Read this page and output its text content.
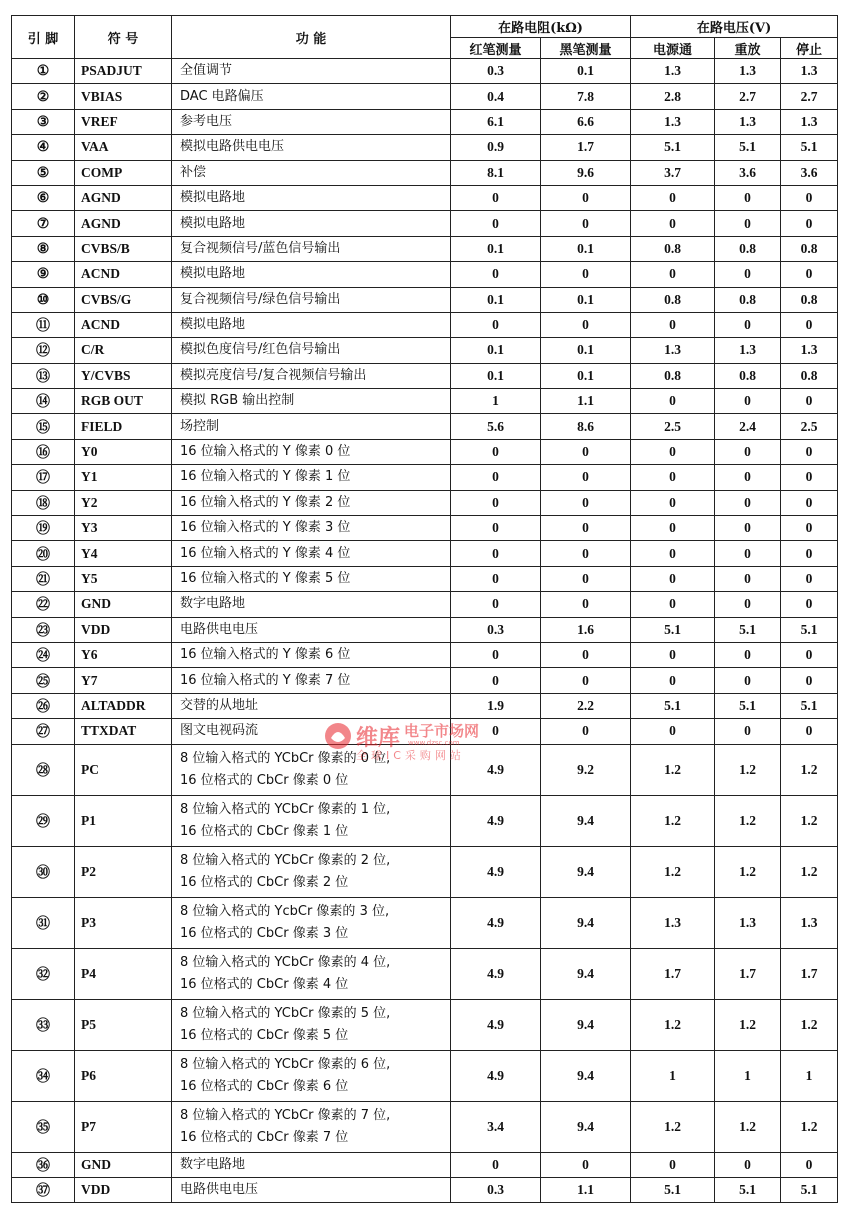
引 脚	符 号	功 能	在路电阻(kΩ)		在路电压(V)		
			红笔测量	黑笔测量	电源通	重放	停止
①	PSADJUT	全值调节	0.3	0.1	1.3	1.3	1.3
②	VBIAS	DAC 电路偏压	0.4	7.8	2.8	2.7	2.7
③	VREF	参考电压	6.1	6.6	1.3	1.3	1.3
④	VAA	模拟电路供电电压	0.9	1.7	5.1	5.1	5.1
⑤	COMP	补偿	8.1	9.6	3.7	3.6	3.6
⑥	AGND	模拟电路地	0	0	0	0	0
⑦	AGND	模拟电路地	0	0	0	0	0
⑧	CVBS/B	复合视频信号/蓝色信号输出	0.1	0.1	0.8	0.8	0.8
⑨	ACND	模拟电路地	0	0	0	0	0
⑩	CVBS/G	复合视频信号/绿色信号输出	0.1	0.1	0.8	0.8	0.8
⑪	ACND	模拟电路地	0	0	0	0	0
⑫	C/R	模拟色度信号/红色信号输出	0.1	0.1	1.3	1.3	1.3
⑬	Y/CVBS	模拟亮度信号/复合视频信号输出	0.1	0.1	0.8	0.8	0.8
⑭	RGB OUT	模拟 RGB 输出控制	1	1.1	0	0	0
⑮	FIELD	场控制	5.6	8.6	2.5	2.4	2.5
⑯	Y0	16 位输入格式的 Y 像素 0 位	0	0	0	0	0
⑰	Y1	16 位输入格式的 Y 像素 1 位	0	0	0	0	0
⑱	Y2	16 位输入格式的 Y 像素 2 位	0	0	0	0	0
⑲	Y3	16 位输入格式的 Y 像素 3 位	0	0	0	0	0
⑳	Y4	16 位输入格式的 Y 像素 4 位	0	0	0	0	0
㉑	Y5	16 位输入格式的 Y 像素 5 位	0	0	0	0	0
㉒	GND	数字电路地	0	0	0	0	0
㉓	VDD	电路供电电压	0.3	1.6	5.1	5.1	5.1
㉔	Y6	16 位输入格式的 Y 像素 6 位	0	0	0	0	0
㉕	Y7	16 位输入格式的 Y 像素 7 位	0	0	0	0	0
㉖	ALTADDR	交替的从地址	1.9	2.2	5.1	5.1	5.1
㉗	TTXDAT	图文电视码流	0	0	0	0	0
㉘	PC	8 位输入格式的 YCbCr 像素的 0 位,
16 位格式的 CbCr 像素 0 位	4.9	9.2	1.2	1.2	1.2
㉙	P1	8 位输入格式的 YCbCr 像素的 1 位,
16 位格式的 CbCr 像素 1 位	4.9	9.4	1.2	1.2	1.2
㉚	P2	8 位输入格式的 YCbCr 像素的 2 位,
16 位格式的 CbCr 像素 2 位	4.9	9.4	1.2	1.2	1.2
㉛	P3	8 位输入格式的 YcbCr 像素的 3 位,
16 位格式的 CbCr 像素 3 位	4.9	9.4	1.3	1.3	1.3
㉜	P4	8 位输入格式的 YCbCr 像素的 4 位,
16 位格式的 CbCr 像素 4 位	4.9	9.4	1.7	1.7	1.7
㉝	P5	8 位输入格式的 YCbCr 像素的 5 位,
16 位格式的 CbCr 像素 5 位	4.9	9.4	1.2	1.2	1.2
㉞	P6	8 位输入格式的 YCbCr 像素的 6 位,
16 位格式的 CbCr 像素 6 位	4.9	9.4	1	1	1
㉟	P7	8 位输入格式的 YCbCr 像素的 7 位,
16 位格式的 CbCr 像素 7 位	3.4	9.4	1.2	1.2	1.2
㊱	GND	数字电路地	0	0	0	0	0
㊲	VDD	电路供电电压	0.3	1.1	5.1	5.1	5.1
维库 电子市场网
www.dzsc.com
全球IC采购网站
